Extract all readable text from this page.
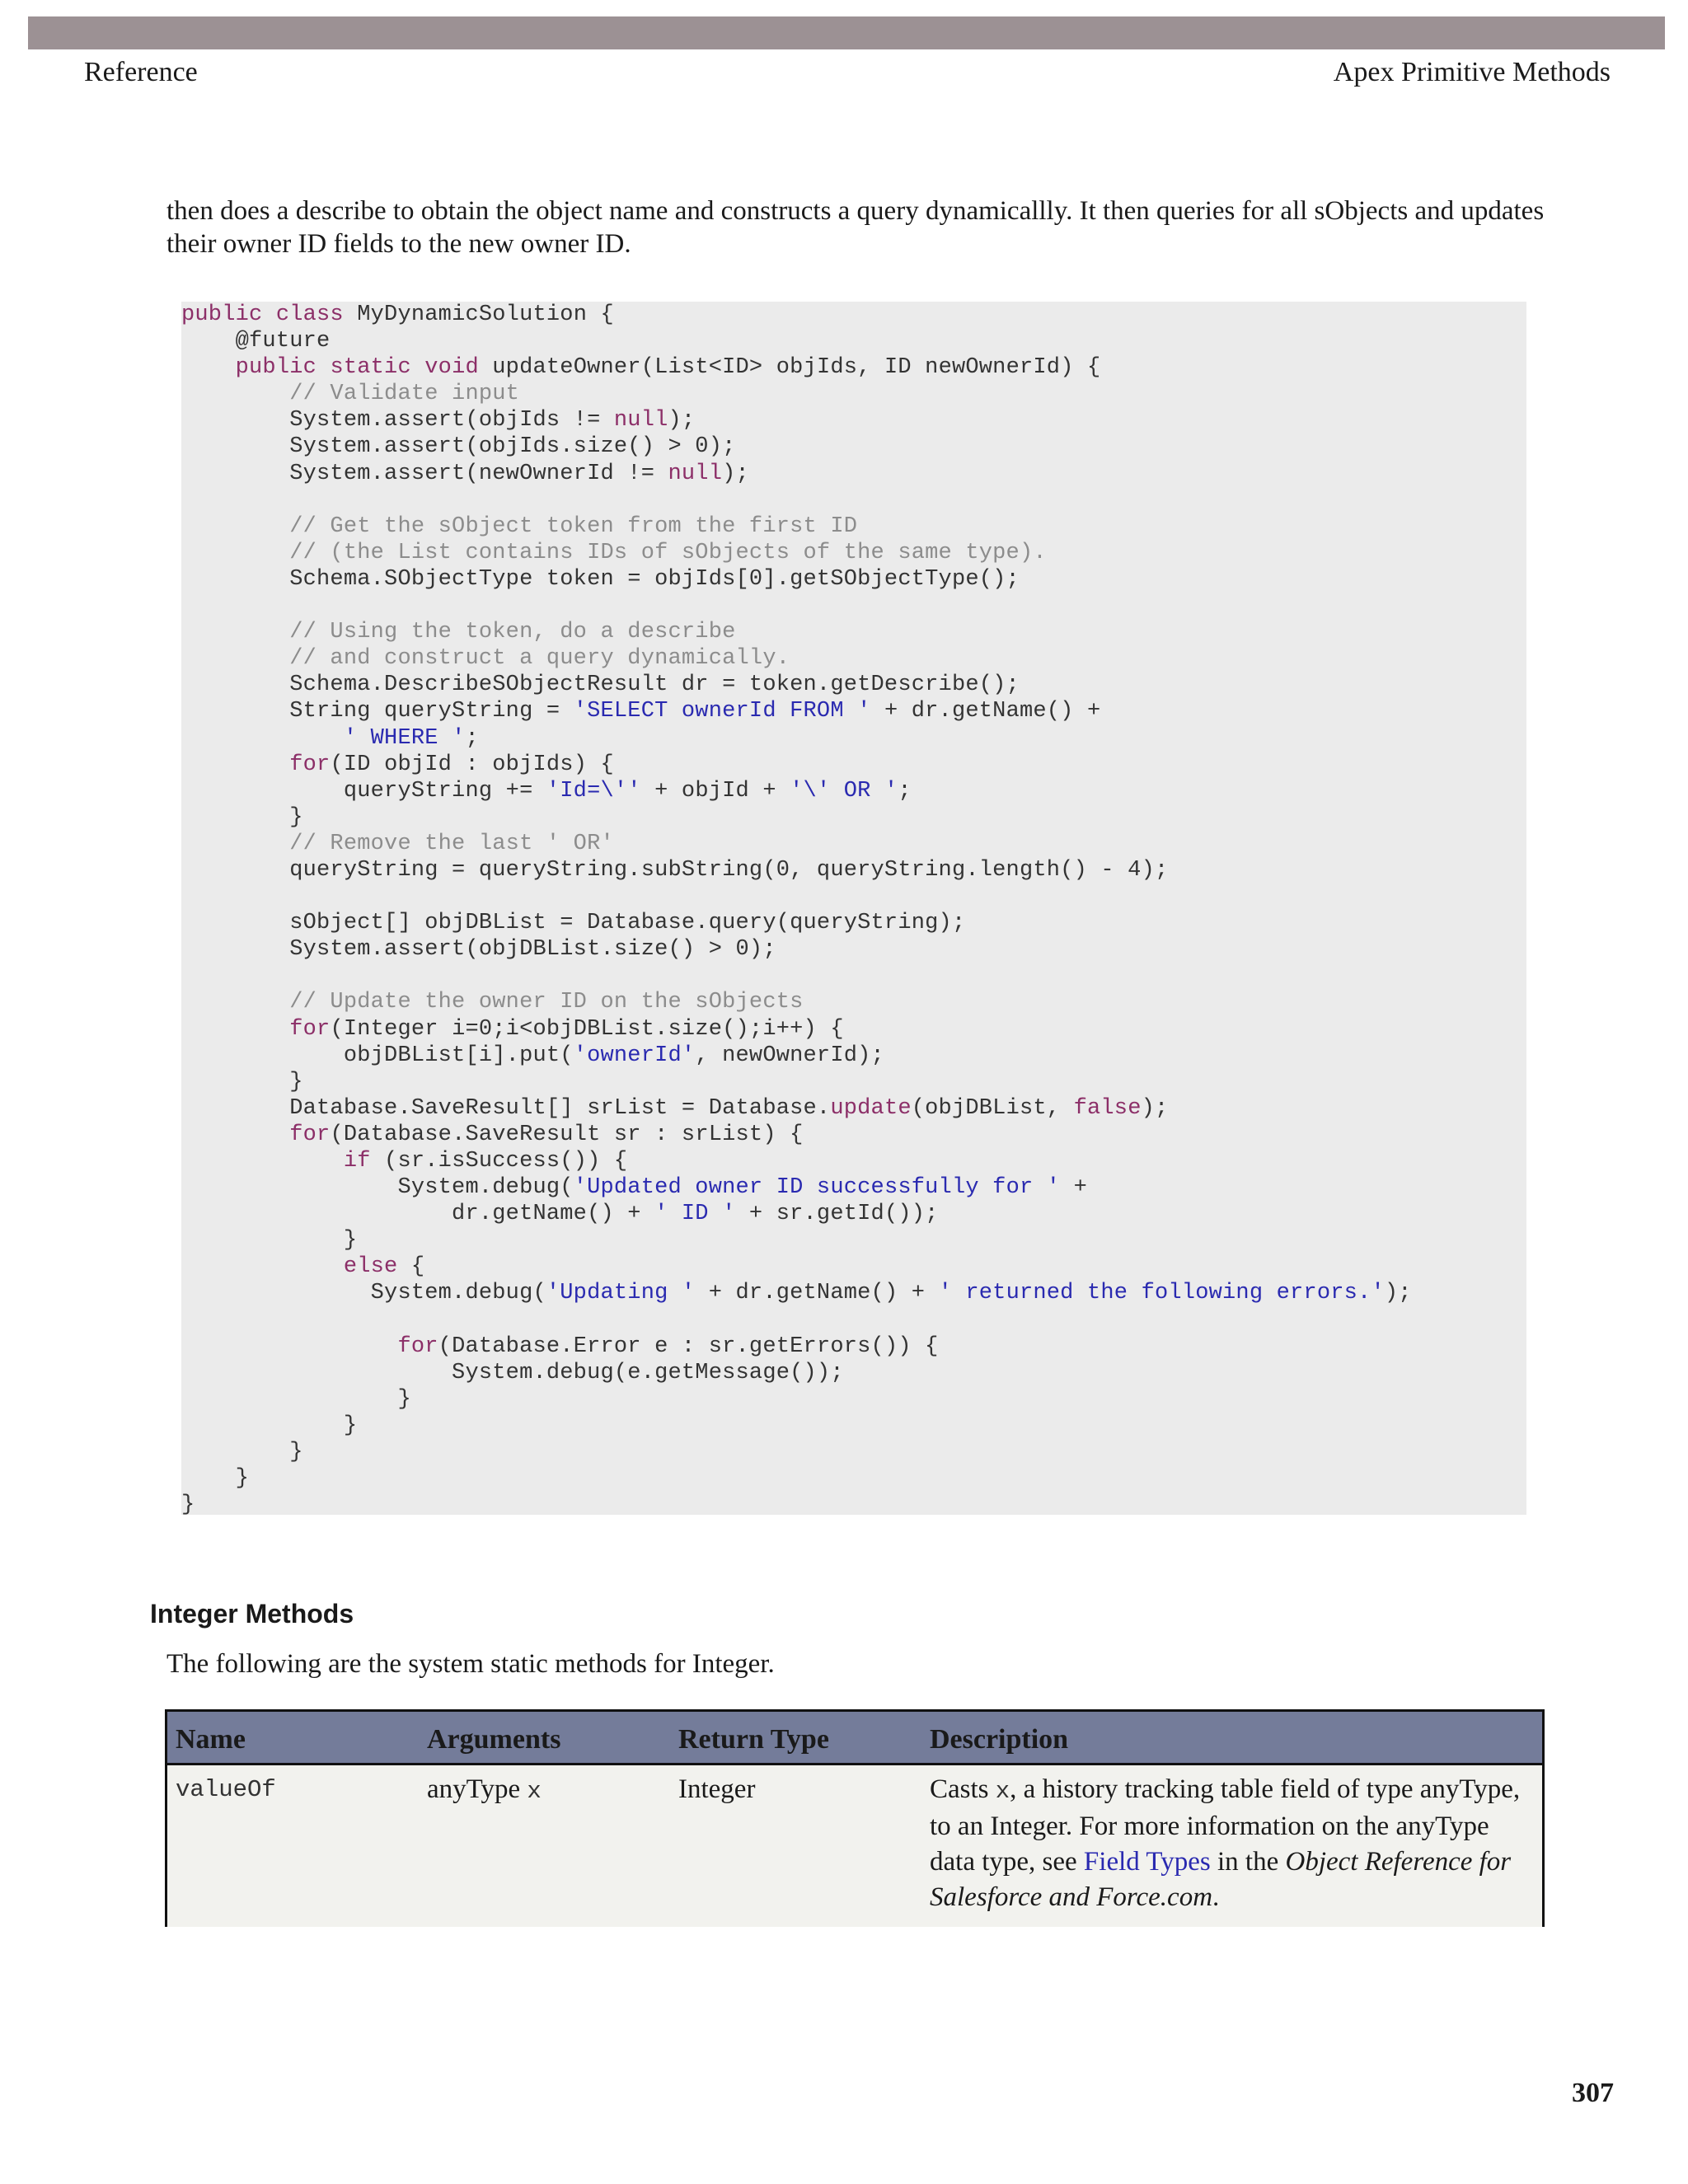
Reference	Apex Primitive Methods
then does a describe to obtain the object name and constructs a query dynamicallly. It then queries for all sObjects and updates their owner ID fields to the new owner ID.
public class MyDynamicSolution {
@future
public static void updateOwner(List<ID> objIds, ID newOwnerId) {
// Validate input
System.assert(objIds != null);
System.assert(objIds.size() > 0);
System.assert(newOwnerId != null);

// Get the sObject token from the first ID
// (the List contains IDs of sObjects of the same type).
Schema.SObjectType token = objIds[0].getSObjectType();

// Using the token, do a describe
// and construct a query dynamically.
Schema.DescribeSObjectResult dr = token.getDescribe();
String queryString = 'SELECT ownerId FROM ' + dr.getName() +
' WHERE ';
for(ID objId : objIds) {
queryString += 'Id=\'' + objId + '\' OR ';
}
// Remove the last ' OR'
queryString = queryString.subString(0, queryString.length() - 4);

sObject[] objDBList = Database.query(queryString);
System.assert(objDBList.size() > 0);

// Update the owner ID on the sObjects
for(Integer i=0;i<objDBList.size();i++) {
objDBList[i].put('ownerId', newOwnerId);
}
Database.SaveResult[] srList = Database.update(objDBList, false);
for(Database.SaveResult sr : srList) {
if (sr.isSuccess()) {
System.debug('Updated owner ID successfully for ' +
dr.getName() + ' ID ' + sr.getId());
}
else {
System.debug('Updating ' + dr.getName() + ' returned the following errors.');

for(Database.Error e : sr.getErrors()) {
System.debug(e.getMessage());
}
}
}
}
}
Integer Methods
The following are the system static methods for Integer.
Name	Arguments	Return Type	Description
valueOf	anyType x	Integer	Casts x, a history tracking table field of type anyType,
to an Integer. For more information on the anyType
data type, see Field Types in the Object Reference for
Salesforce and Force.com.
307
